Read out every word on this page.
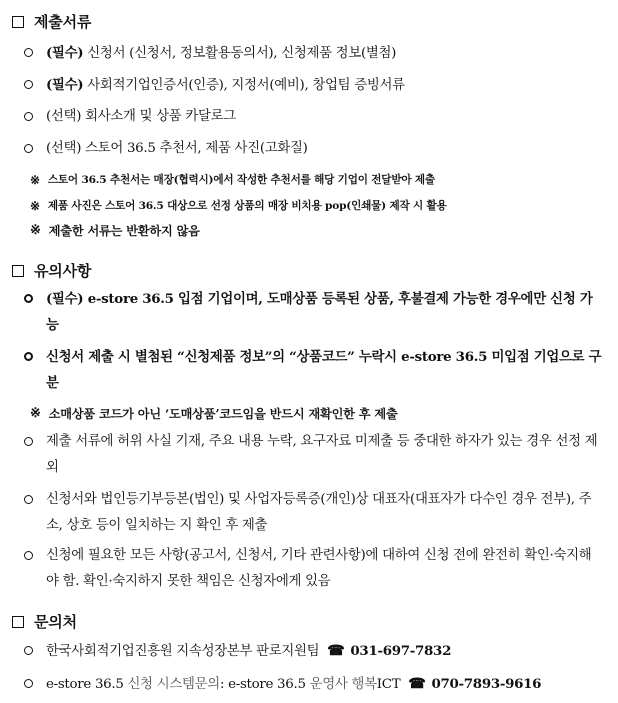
제출서류
(필수) 신청서 (신청서, 정보활용동의서), 신청제품 정보(별첨)
(필수) 사회적기업인증서(인증), 지정서(예비), 창업팀 증빙서류
(선택) 회사소개 및 상품 카달로그
(선택) 스토어 36.5 추천서, 제품 사진(고화질)
※ 스토어 36.5 추천서는 매장(협력시)에서 작성한 추천서를 해당 기업이 전달받아 제출
※ 제품 사진은 스토어 36.5 대상으로 선정 상품의 매장 비치용 pop(인쇄물) 제작 시 활용
※ 제출한 서류는 반환하지 않음
유의사항
(필수) e-store 36.5 입점 기업이며, 도매상품 등록된 상품, 후불결제 가능한 경우에만 신청 가능
신청서 제출 시 별첨된 “신청제품 정보”의 “상품코드” 누락시 e-store 36.5 미입점 기업으로 구분
※ 소매상품 코드가 아닌 ‘도매상품’코드임을 반드시 재확인한 후 제출
제출 서류에 허위 사실 기재, 주요 내용 누락, 요구자료 미제출 등 중대한 하자가 있는 경우 선정 제외
신청서와 법인등기부등본(법인) 및 사업자등록증(개인)상 대표자(대표자가 다수인 경우 전부), 주소, 상호 등이 일치하는 지 확인 후 제출
신청에 필요한 모든 사항(공고서, 신청서, 기타 관련사항)에 대하여 신청 전에 완전히 확인·숙지해야 함. 확인·숙지하지 못한 책임은 신청자에게 있음
문의처
한국사회적기업진흥원 지속성장본부 판로지원팀 ☎ 031-697-7832
e-store 36.5 신청 시스템문의: e-store 36.5 운영사 행복ICT ☎ 070-7893-9616
